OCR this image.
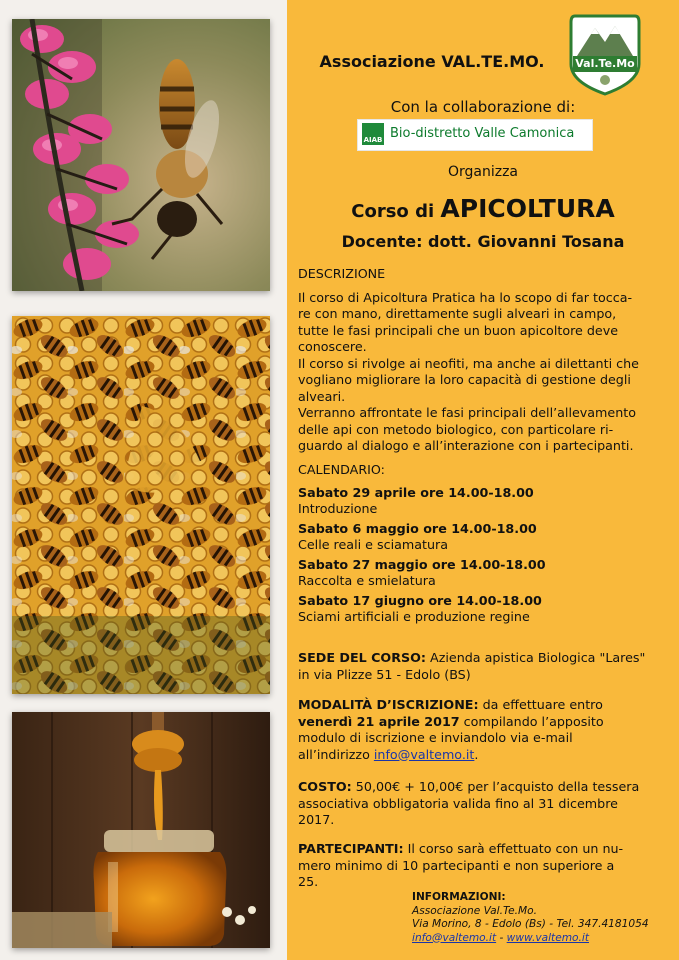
Associazione VAL.TE.MO.	Val.Te.Mo
Con la collaborazione di:
AIAB Bio-distretto Valle Camonica
Organizza
Corso di APICOLTURA
Docente: dott. Giovanni Tosana
DESCRIZIONE
Il corso di Apicoltura Pratica ha lo scopo di far tocca-
re con mano, direttamente sugli alveari in campo,
tutte le fasi principali che un buon apicoltore deve
conoscere.
Il corso si rivolge ai neofiti, ma anche ai dilettanti che
vogliano migliorare la loro capacità di gestione degli
alveari.
Verranno affrontate le fasi principali dell’allevamento
delle api con metodo biologico, con particolare ri-
guardo al dialogo e all’interazione con i partecipanti.
CALENDARIO:
Sabato 29 aprile ore 14.00-18.00
Introduzione
Sabato 6 maggio ore 14.00-18.00
Celle reali e sciamatura
Sabato 27 maggio ore 14.00-18.00
Raccolta e smielatura
Sabato 17 giugno ore 14.00-18.00
Sciami artificiali e produzione regine
SEDE DEL CORSO: Azienda apistica Biologica "Lares"
in via Plizze 51 - Edolo (BS)
MODALITÀ D’ISCRIZIONE: da effettuare entro
venerdì 21 aprile 2017 compilando l’apposito
modulo di iscrizione e inviandolo via e-mail
all’indirizzo info@valtemo.it.
COSTO: 50,00€ + 10,00€ per l’acquisto della tessera
associativa obbligatoria valida fino al 31 dicembre
2017.
PARTECIPANTI: Il corso sarà effettuato con un nu-
mero minimo di 10 partecipanti e non superiore a
25.
INFORMAZIONI:
Associazione Val.Te.Mo.
Via Morino, 8 - Edolo (Bs) - Tel. 347.4181054
info@valtemo.it - www.valtemo.it
